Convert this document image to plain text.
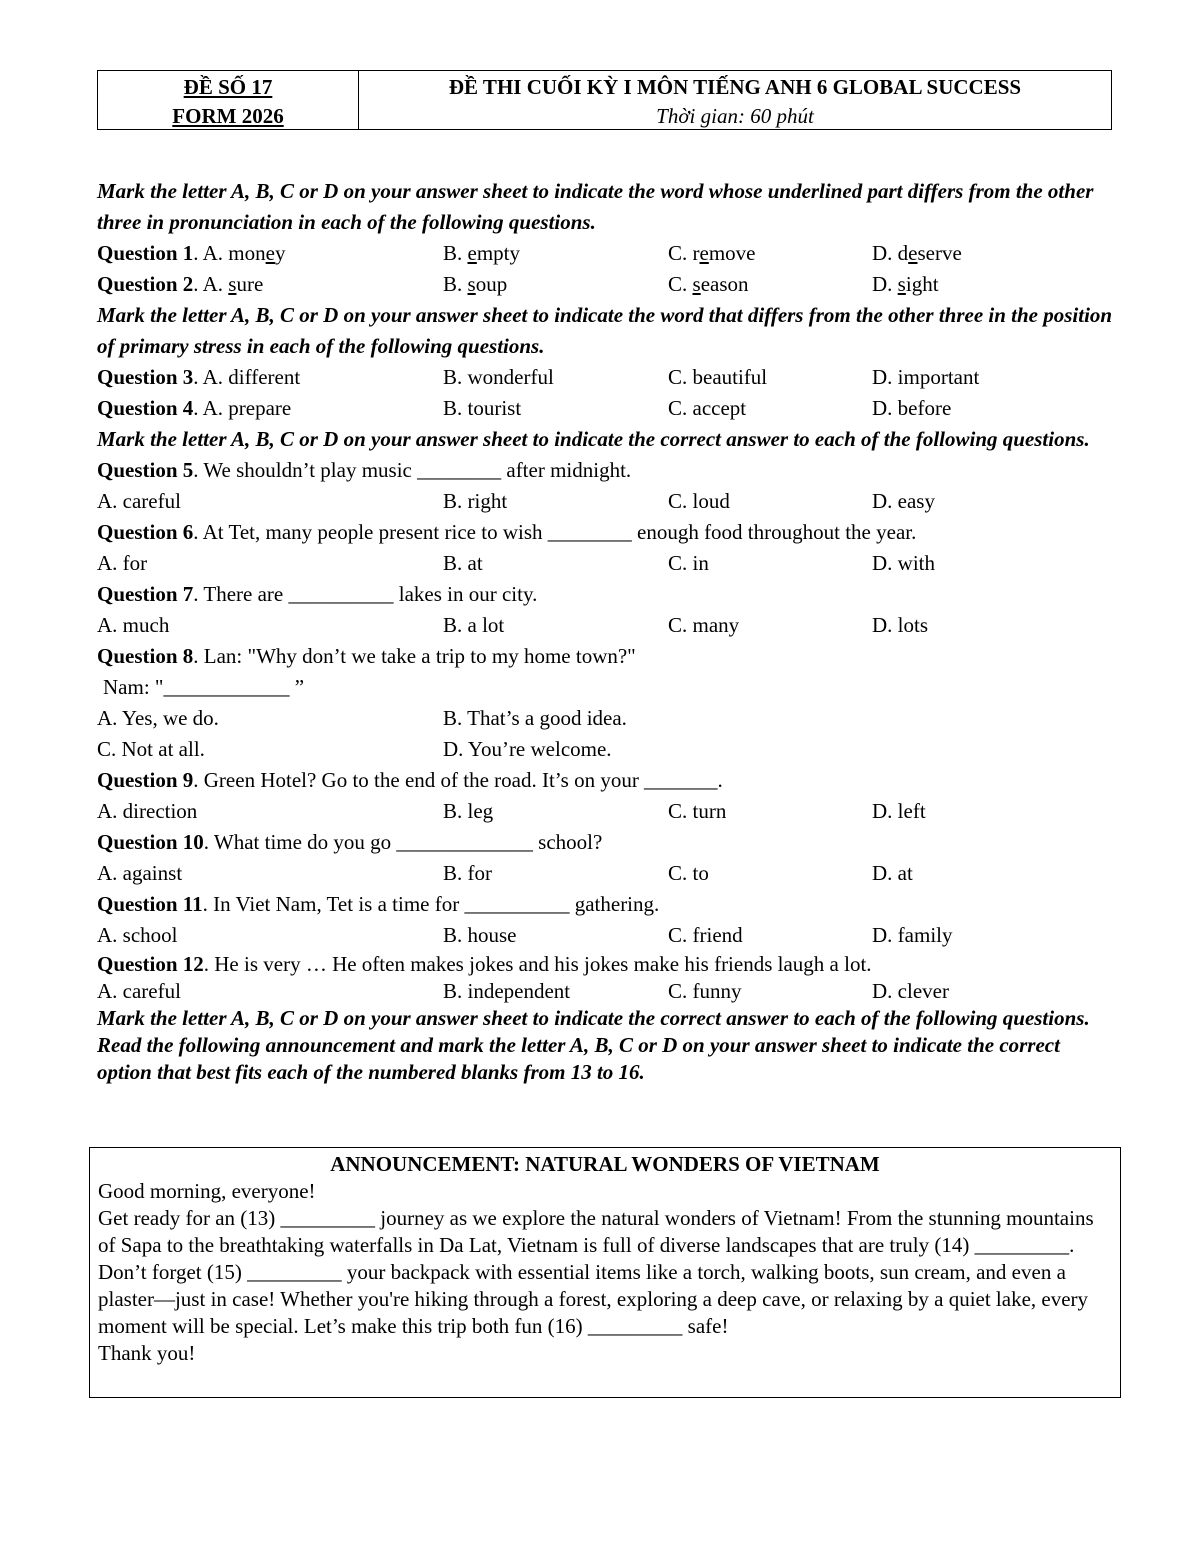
ĐỀ SỐ 17
FORM 2026
ĐỀ THI CUỐI KỲ I MÔN TIẾNG ANH 6 GLOBAL SUCCESS
Thời gian: 60 phút
Mark the letter A, B, C or D on your answer sheet to indicate the word whose underlined part differs from the other three in pronunciation in each of the following questions.
Question 1. A. money	B. empty	C. remove	D. deserve
Question 2. A. sure	B. soup	C. season	D. sight
Mark the letter A, B, C or D on your answer sheet to indicate the word that differs from the other three in the position of primary stress in each of the following questions.
Question 3. A. different	B. wonderful	C. beautiful	D. important
Question 4. A. prepare	B. tourist	C. accept	D. before
Mark the letter A, B, C or D on your answer sheet to indicate the correct answer to each of the following questions.
Question 5. We shouldn’t play music ________ after midnight.
A. careful	B. right	C. loud	D. easy
Question 6. At Tet, many people present rice to wish ________ enough food throughout the year.
A. for	B. at	C. in	D. with
Question 7. There are __________ lakes in our city.
A. much	B. a lot	C. many	D. lots
Question 8. Lan: "Why don’t we take a trip to my home town?"
Nam: "____________ ”
A. Yes, we do.	B. That’s a good idea.
C. Not at all.	D. You’re welcome.
Question 9. Green Hotel? Go to the end of the road. It’s on your _______.
A. direction	B. leg	C. turn	D. left
Question 10. What time do you go _____________ school?
A. against	B. for	C. to	D. at
Question 11. In Viet Nam, Tet is a time for __________ gathering.
A. school	B. house	C. friend	D. family
Question 12. He is very … He often makes jokes and his jokes make his friends laugh a lot.
A. careful	B. independent	C. funny	D. clever
Mark the letter A, B, C or D on your answer sheet to indicate the correct answer to each of the following questions.
Read the following announcement and mark the letter A, B, C or D on your answer sheet to indicate the correct option that best fits each of the numbered blanks from 13 to 16.
ANNOUNCEMENT: NATURAL WONDERS OF VIETNAM

Good morning, everyone!

Get ready for an (13) _________ journey as we explore the natural wonders of Vietnam! From the stunning mountains of Sapa to the breathtaking waterfalls in Da Lat, Vietnam is full of diverse landscapes that are truly (14) _________. Don’t forget (15) _________ your backpack with essential items like a torch, walking boots, sun cream, and even a plaster—just in case! Whether you're hiking through a forest, exploring a deep cave, or relaxing by a quiet lake, every moment will be special. Let’s make this trip both fun (16) _________ safe!

Thank you!
